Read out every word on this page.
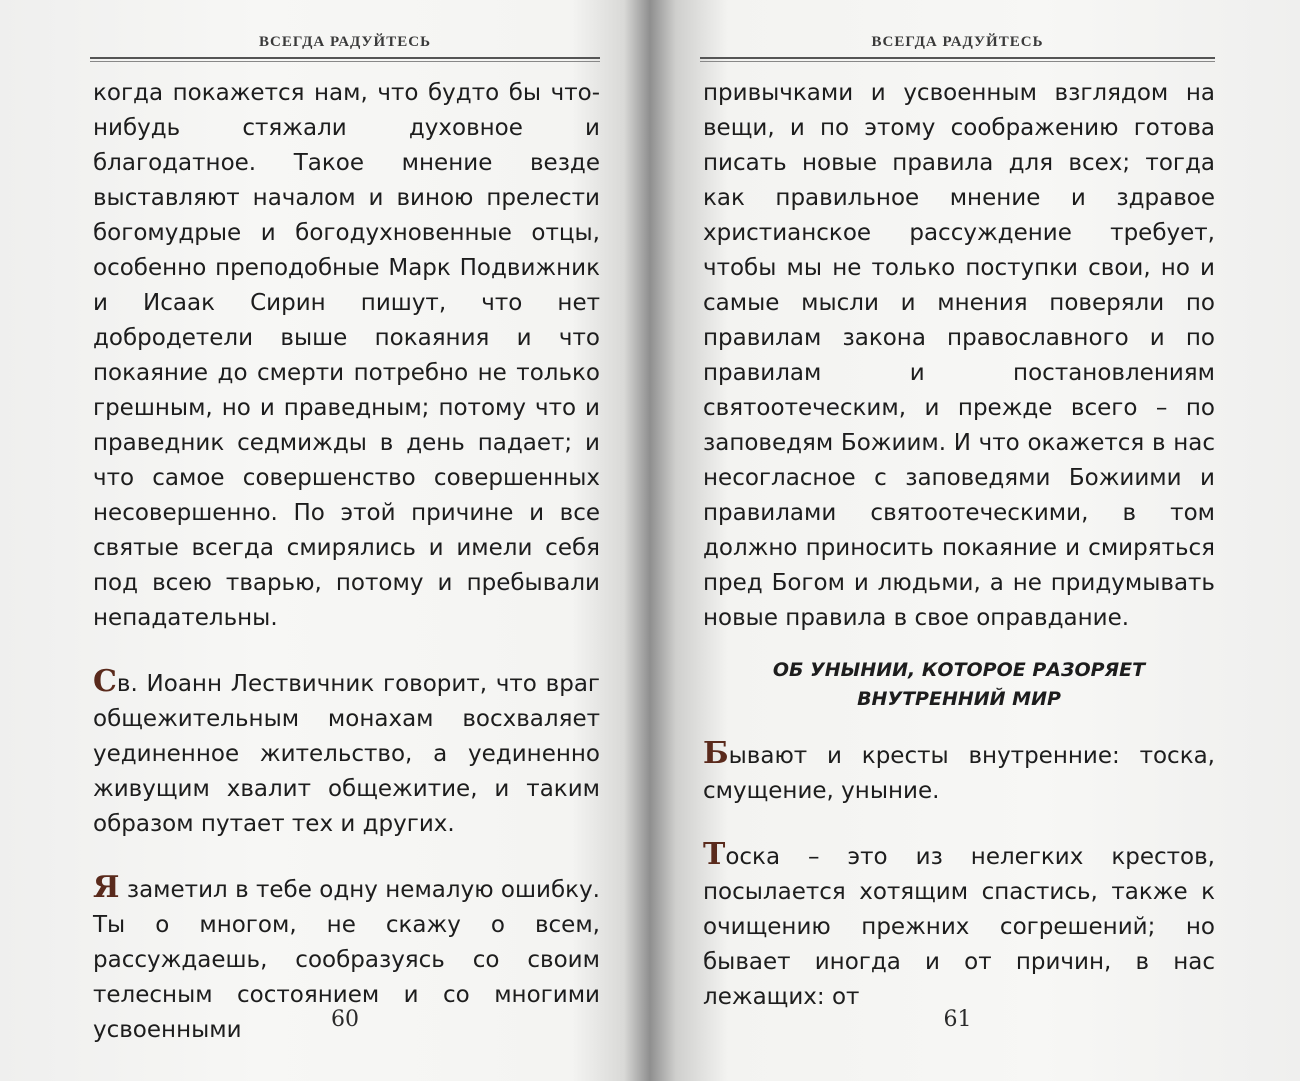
ВСЕГДА РАДУЙТЕСЬ

когда покажется нам, что будто бы что-нибудь стяжали духовное и благодатное. Такое мнение везде выставляют началом и виною прелести богомудрые и богодухновенные отцы, особенно преподобные Марк Подвижник и Исаак Сирин пишут, что нет добродетели выше покаяния и что покаяние до смерти потребно не только грешным, но и праведным; потому что и праведник седмижды в день падает; и что самое совершенство совершенных несовершенно. По этой причине и все святые всегда смирялись и имели себя под всею тварью, потому и пребывали непадательны.

Св. Иоанн Лествичник говорит, что враг общежительным монахам восхваляет уединенное жительство, а уединенно живущим хвалит общежитие, и таким образом путает тех и других.

Я заметил в тебе одну немалую ошибку. Ты о многом, не скажу о всем, рассуждаешь, сообразуясь со своим телесным состоянием и со многими усвоенными	60
ВСЕГДА РАДУЙТЕСЬ

привычками и усвоенным взглядом на вещи, и по этому соображению готова писать новые правила для всех; тогда как правильное мнение и здравое христианское рассуждение требует, чтобы мы не только поступки свои, но и самые мысли и мнения поверяли по правилам закона православного и по правилам и постановлениям святоотеческим, и прежде всего – по заповедям Божиим. И что окажется в нас несогласное с заповедями Божиими и правилами святоотеческими, в том должно приносить покаяние и смиряться пред Богом и людьми, а не придумывать новые правила в свое оправдание.

ОБ УНЫНИИ, КОТОРОЕ РАЗОРЯЕТ
ВНУТРЕННИЙ МИР

Бывают и кресты внутренние: тоска, смущение, уныние.

Тоска – это из нелегких крестов, посылается хотящим спастись, также к очищению прежних согрешений; но бывает иногда и от причин, в нас лежащих: от

61
